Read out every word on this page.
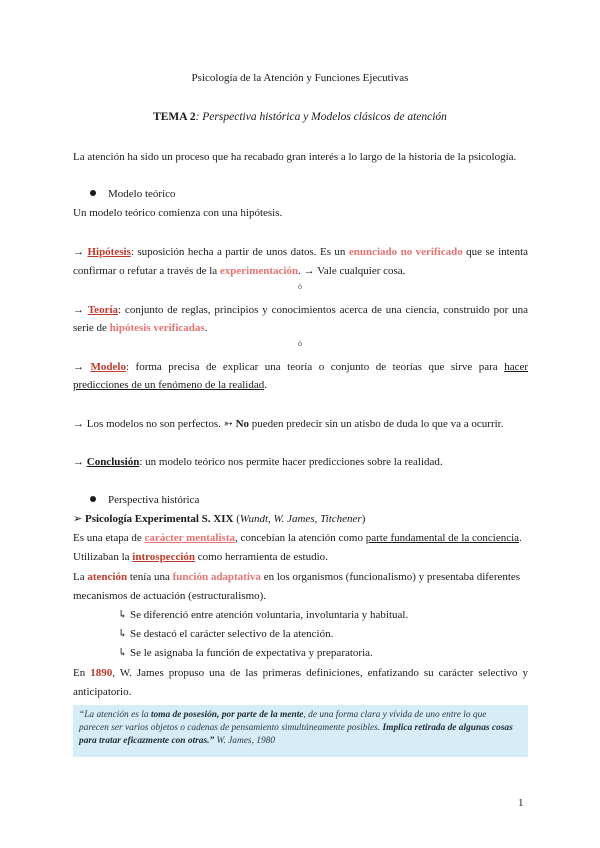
Psicología de la Atención y Funciones Ejecutivas
TEMA 2: Perspectiva histórica y Modelos clásicos de atención
La atención ha sido un proceso que ha recabado gran interés a lo largo de la historia de la psicología.
Modelo teórico
Un modelo teórico comienza con una hipótesis.
→ Hipótesis: suposición hecha a partir de unos datos. Es un enunciado no verificado que se intenta
confirmar o refutar a través de la experimentación. → Vale cualquier cosa.
ö
→ Teoría: conjunto de reglas, principios y conocimientos acerca de una ciencia, construido por una
serie de hipótesis verificadas.
ö
→ Modelo: forma precisa de explicar una teoría o conjunto de teorías que sirve para hacer
predicciones de un fenómeno de la realidad.
→ Los modelos no son perfectos. ➳ No pueden predecir sin un atisbo de duda lo que va a ocurrir.
→ Conclusión: un modelo teórico nos permite hacer predicciones sobre la realidad.
Perspectiva histórica
➢ Psicología Experimental S. XIX (Wundt, W. James, Titchener)
Es una etapa de carácter mentalista, concebían la atención como parte fundamental de la conciencia.
Utilizaban la introspección como herramienta de estudio.
La atención tenía una función adaptativa en los organismos (funcionalismo) y presentaba diferentes
mecanismos de actuación (estructuralismo).
↳ Se diferenció entre atención voluntaria, involuntaria y habitual.
↳ Se destacó el carácter selectivo de la atención.
↳ Se le asignaba la función de expectativa y preparatoria.
En 1890, W. James propuso una de las primeras definiciones, enfatizando su carácter selectivo y
anticipatorio.
“La atención es la toma de posesión, por parte de la mente, de una forma clara y vívida de uno entre lo que
parecen ser varios objetos o cadenas de pensamiento simultáneamente posibles. Implica retirada de algunas cosas
para tratar eficazmente con otras.” W. James, 1980
1
